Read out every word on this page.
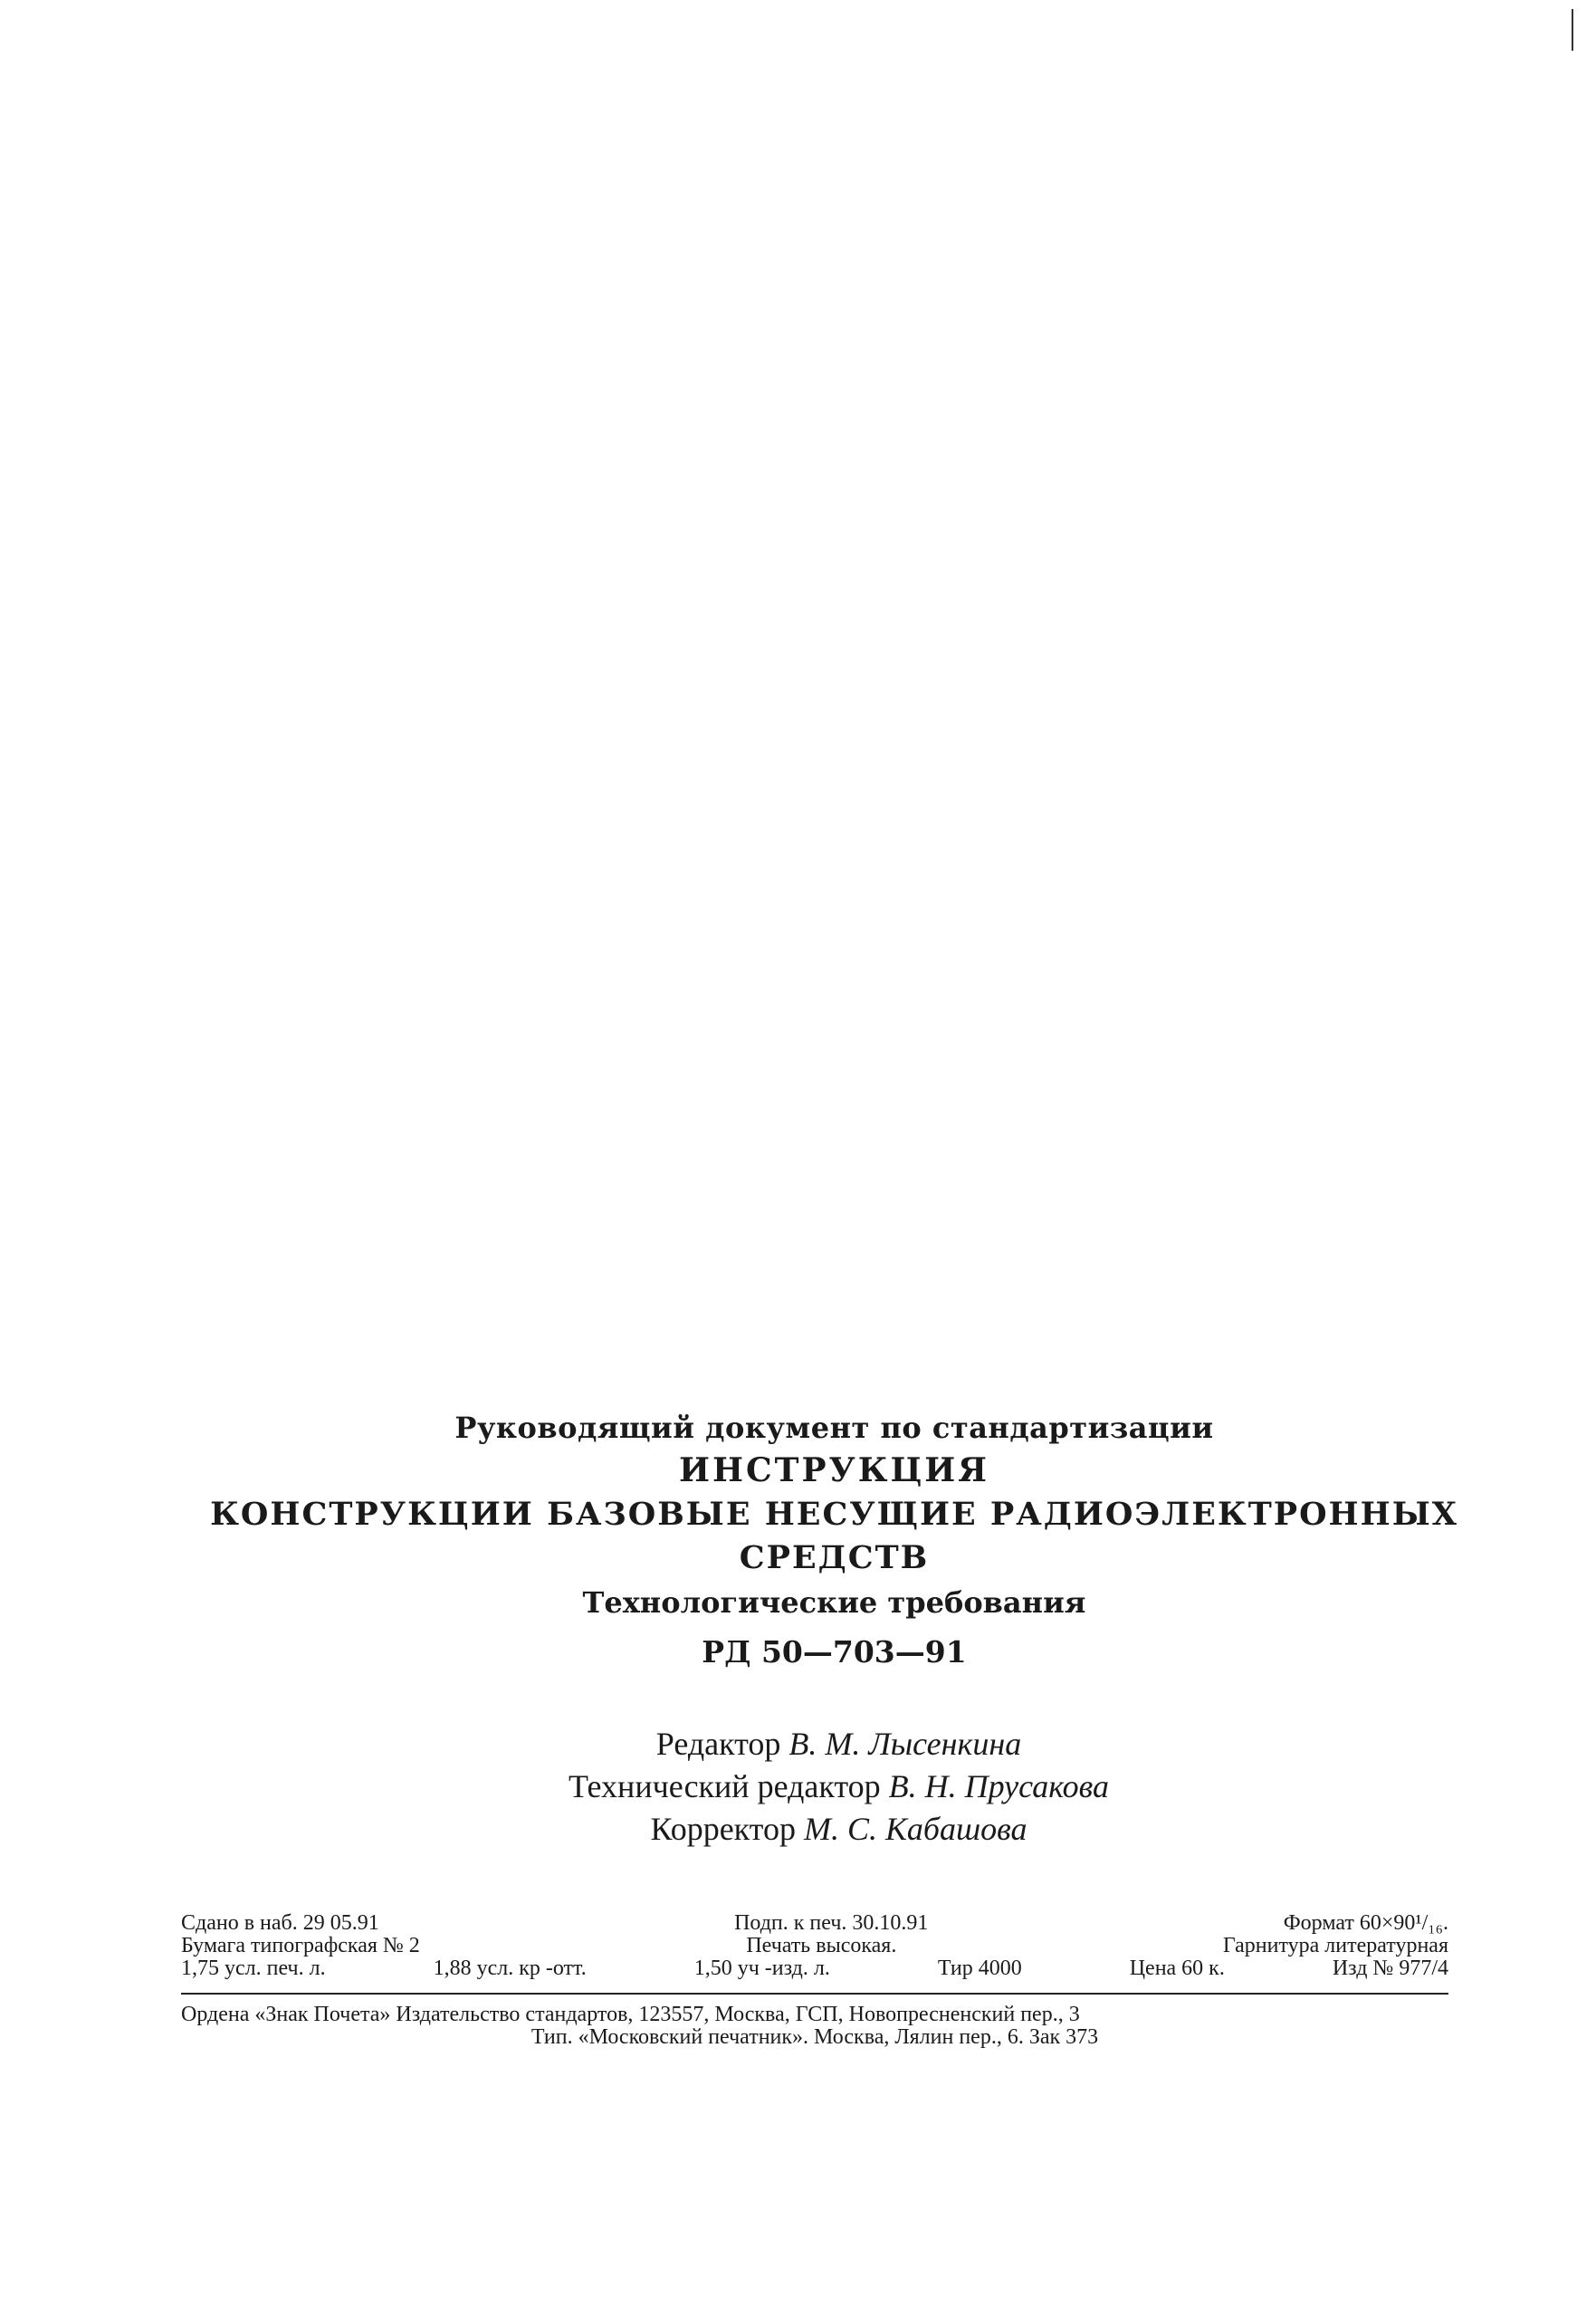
Руководящий документ по стандартизации
ИНСТРУКЦИЯ
КОНСТРУКЦИИ БАЗОВЫЕ НЕСУЩИЕ РАДИОЭЛЕКТРОННЫХ
СРЕДСТВ
Технологические требования
РД 50—703—91
Редактор В. М. Лысенкина
Технический редактор В. Н. Прусакова
Корректор М. С. Кабашова
Сдано в наб. 29 05.91	Подп. к печ. 30.10.91	Формат 60×90¹/₁₆.
Бумага типографская № 2	Печать высокая.	Гарнитура литературная
1,75 усл. печ. л.	1,88 усл. кр -отт.	1,50 уч -изд. л.	Тир 4000	Цена 60 к.	Изд № 977/4
Ордена «Знак Почета» Издательство стандартов, 123557, Москва, ГСП, Новопресненский пер., 3
Тип. «Московский печатник». Москва, Лялин пер., 6. Зак 373
